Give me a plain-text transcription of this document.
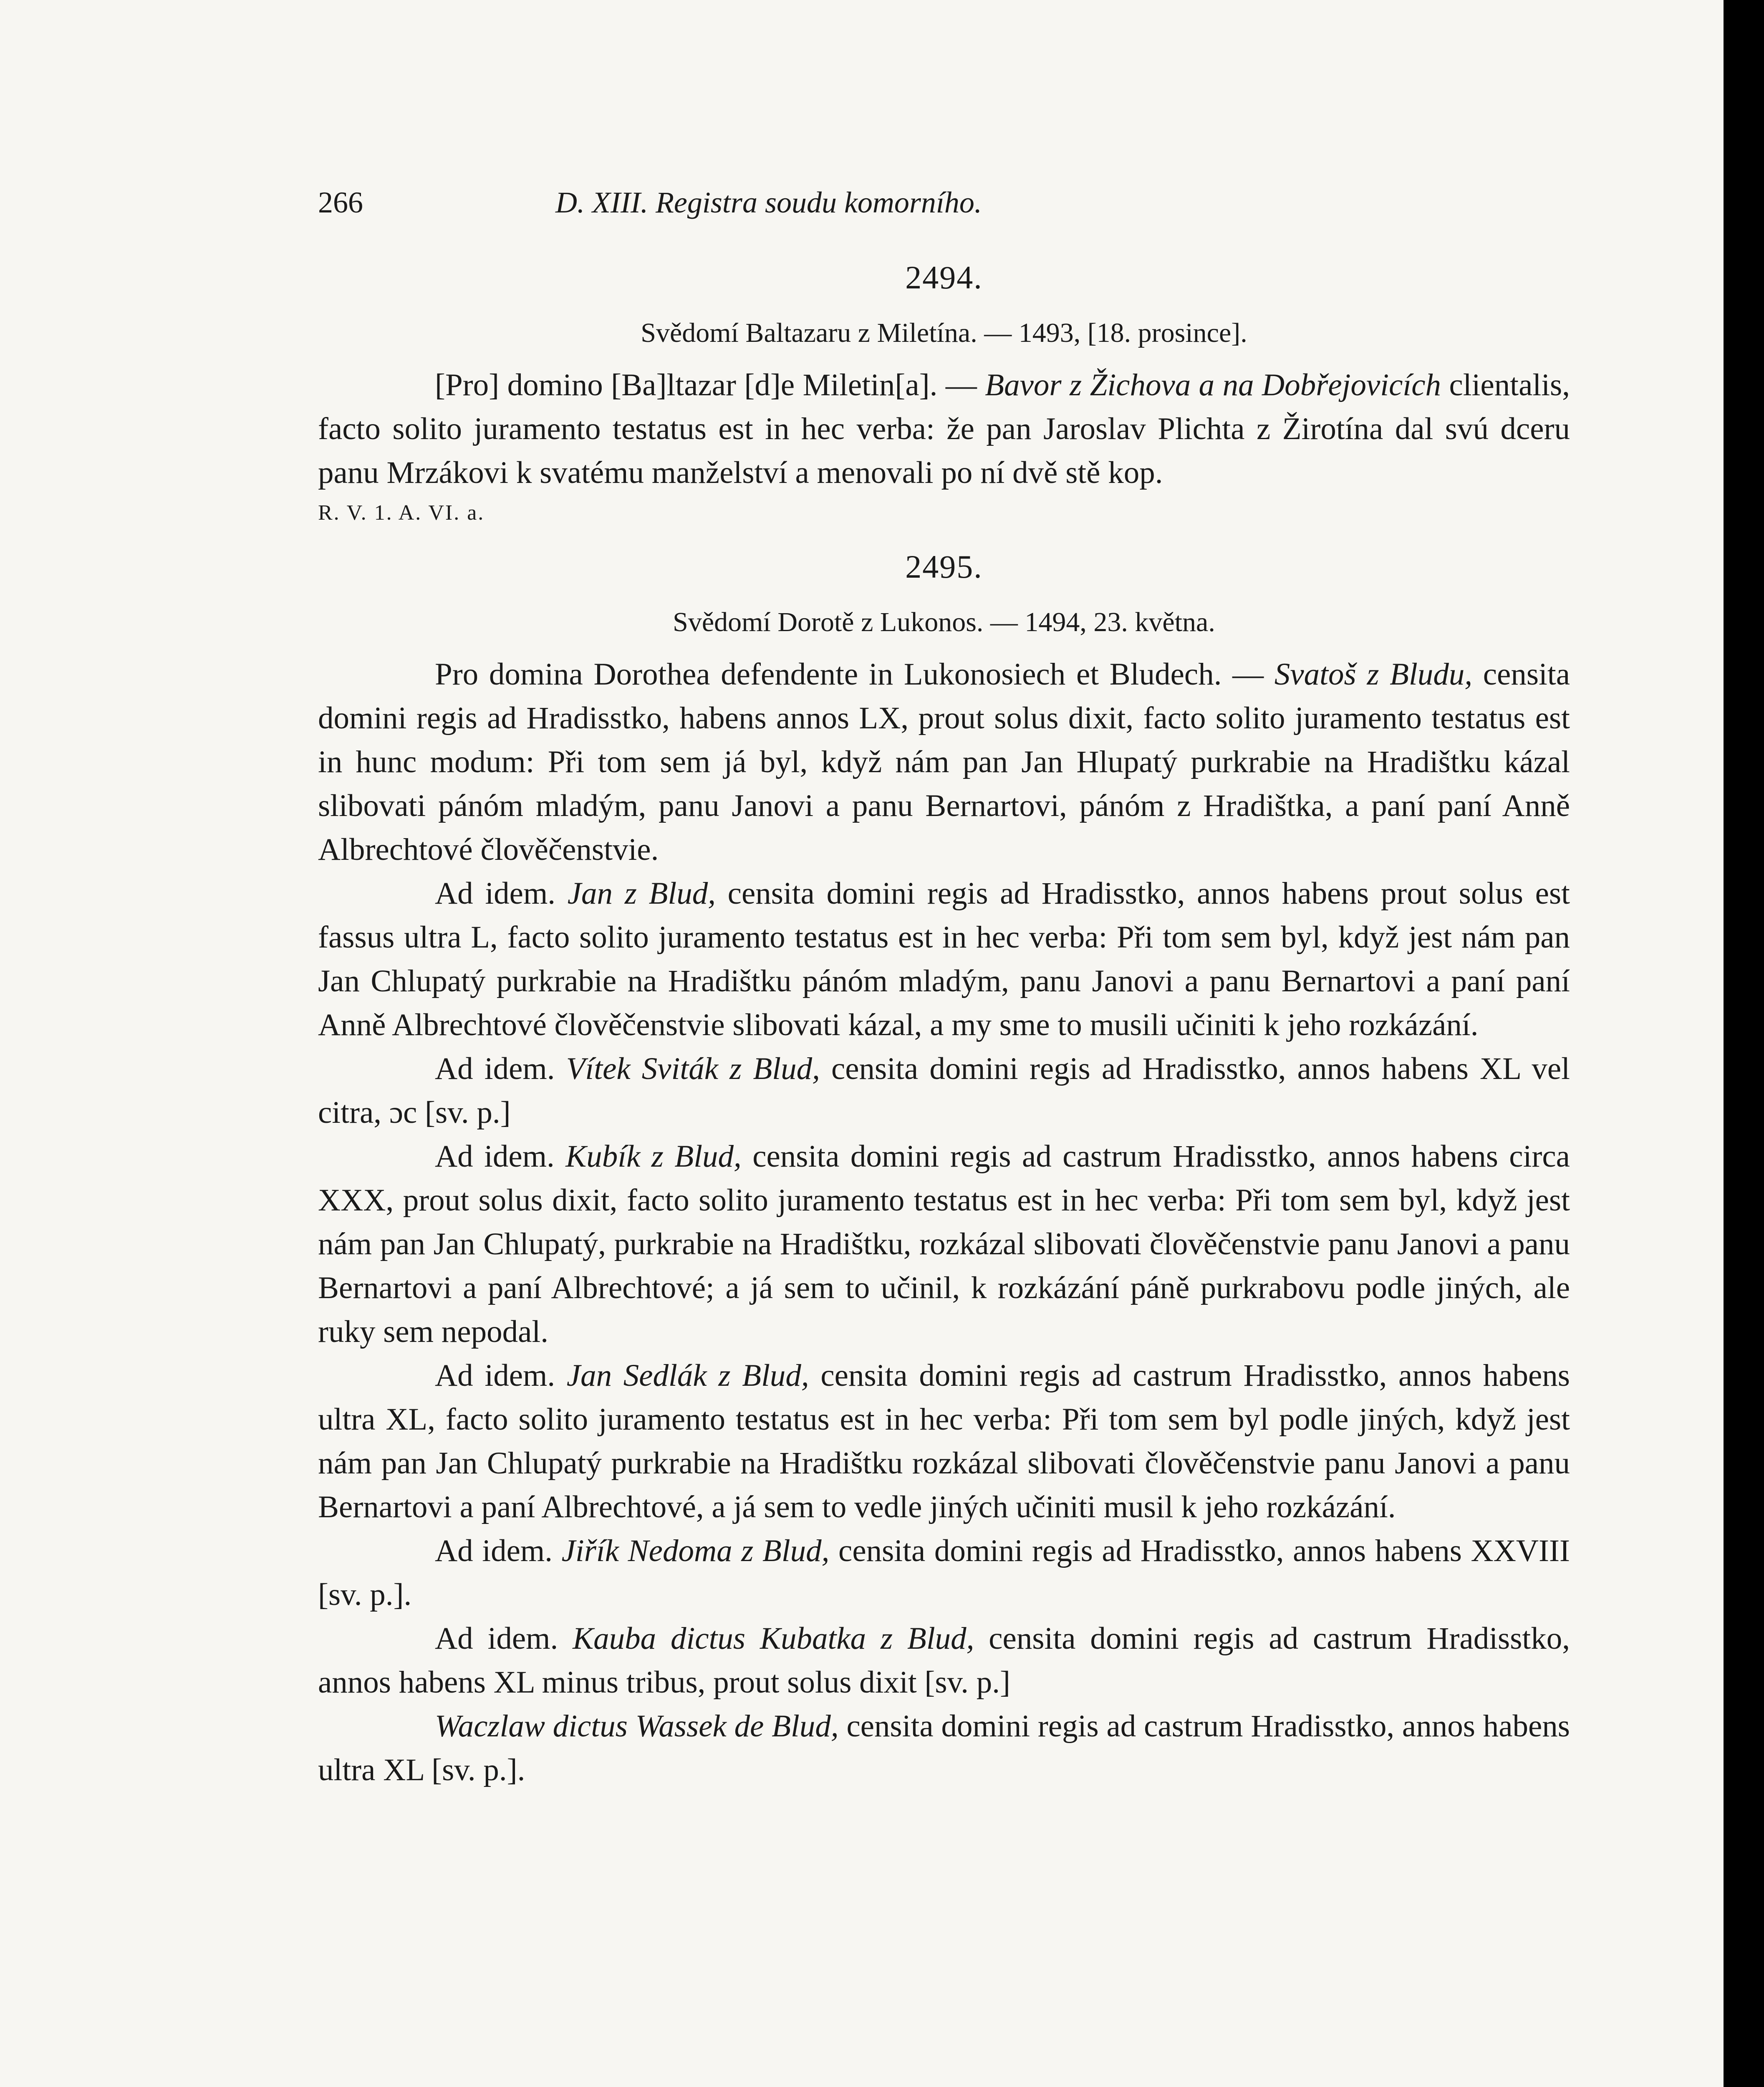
266	D. XIII. Registra soudu komorního.
2494.
Svědomí Baltazaru z Miletína. — 1493, [18. prosince].

[Pro] domino [Ba]ltazar [d]e Miletin[a]. — Bavor z Žichova a na Dobřejovicích clientalis, facto solito juramento testatus est in hec verba: že pan Jaroslav Plichta z Žirotína dal svú dceru panu Mrzákovi k svatému manželství a menovali po ní dvě stě kop.

R. V. 1. A. VI. a.
2495.
Svědomí Dorotě z Lukonos. — 1494, 23. května.

Pro domina Dorothea defendente in Lukonosiech et Bludech. — Svatoš z Bludu, censita domini regis ad Hradisstko, habens annos LX, prout solus dixit, facto solito juramento testatus est in hunc modum: Při tom sem já byl, když nám pan Jan Hlupatý purkrabie na Hradištku kázal slibovati pánóm mladým, panu Janovi a panu Bernartovi, pánóm z Hradištka, a paní paní Anně Albrechtové člověčenstvie.

Ad idem. Jan z Blud, censita domini regis ad Hradisstko, annos habens prout solus est fassus ultra L, facto solito juramento testatus est in hec verba: Při tom sem byl, když jest nám pan Jan Chlupatý purkrabie na Hradištku pánóm mladým, panu Janovi a panu Bernartovi a paní paní Anně Albrechtové člověčenstvie slibovati kázal, a my sme to musili učiniti k jeho rozkázání.

Ad idem. Vítek Sviták z Blud, censita domini regis ad Hradisstko, annos habens XL vel citra, ɔc [sv. p.]

Ad idem. Kubík z Blud, censita domini regis ad castrum Hradisstko, annos habens circa XXX, prout solus dixit, facto solito juramento testatus est in hec verba: Při tom sem byl, když jest nám pan Jan Chlupatý, purkrabie na Hradištku, rozkázal slibovati člověčenstvie panu Janovi a panu Bernartovi a paní Albrechtové; a já sem to učinil, k rozkázání páně purkrabovu podle jiných, ale ruky sem nepodal.

Ad idem. Jan Sedlák z Blud, censita domini regis ad castrum Hradisstko, annos habens ultra XL, facto solito juramento testatus est in hec verba: Při tom sem byl podle jiných, když jest nám pan Jan Chlupatý purkrabie na Hradištku rozkázal slibovati člověčenstvie panu Janovi a panu Bernartovi a paní Albrechtové, a já sem to vedle jiných učiniti musil k jeho rozkázání.

Ad idem. Jiřík Nedoma z Blud, censita domini regis ad Hradisstko, annos habens XXVIII [sv. p.].

Ad idem. Kauba dictus Kubatka z Blud, censita domini regis ad castrum Hradisstko, annos habens XL minus tribus, prout solus dixit [sv. p.]

Waczlaw dictus Wassek de Blud, censita domini regis ad castrum Hradisstko, annos habens ultra XL [sv. p.].
